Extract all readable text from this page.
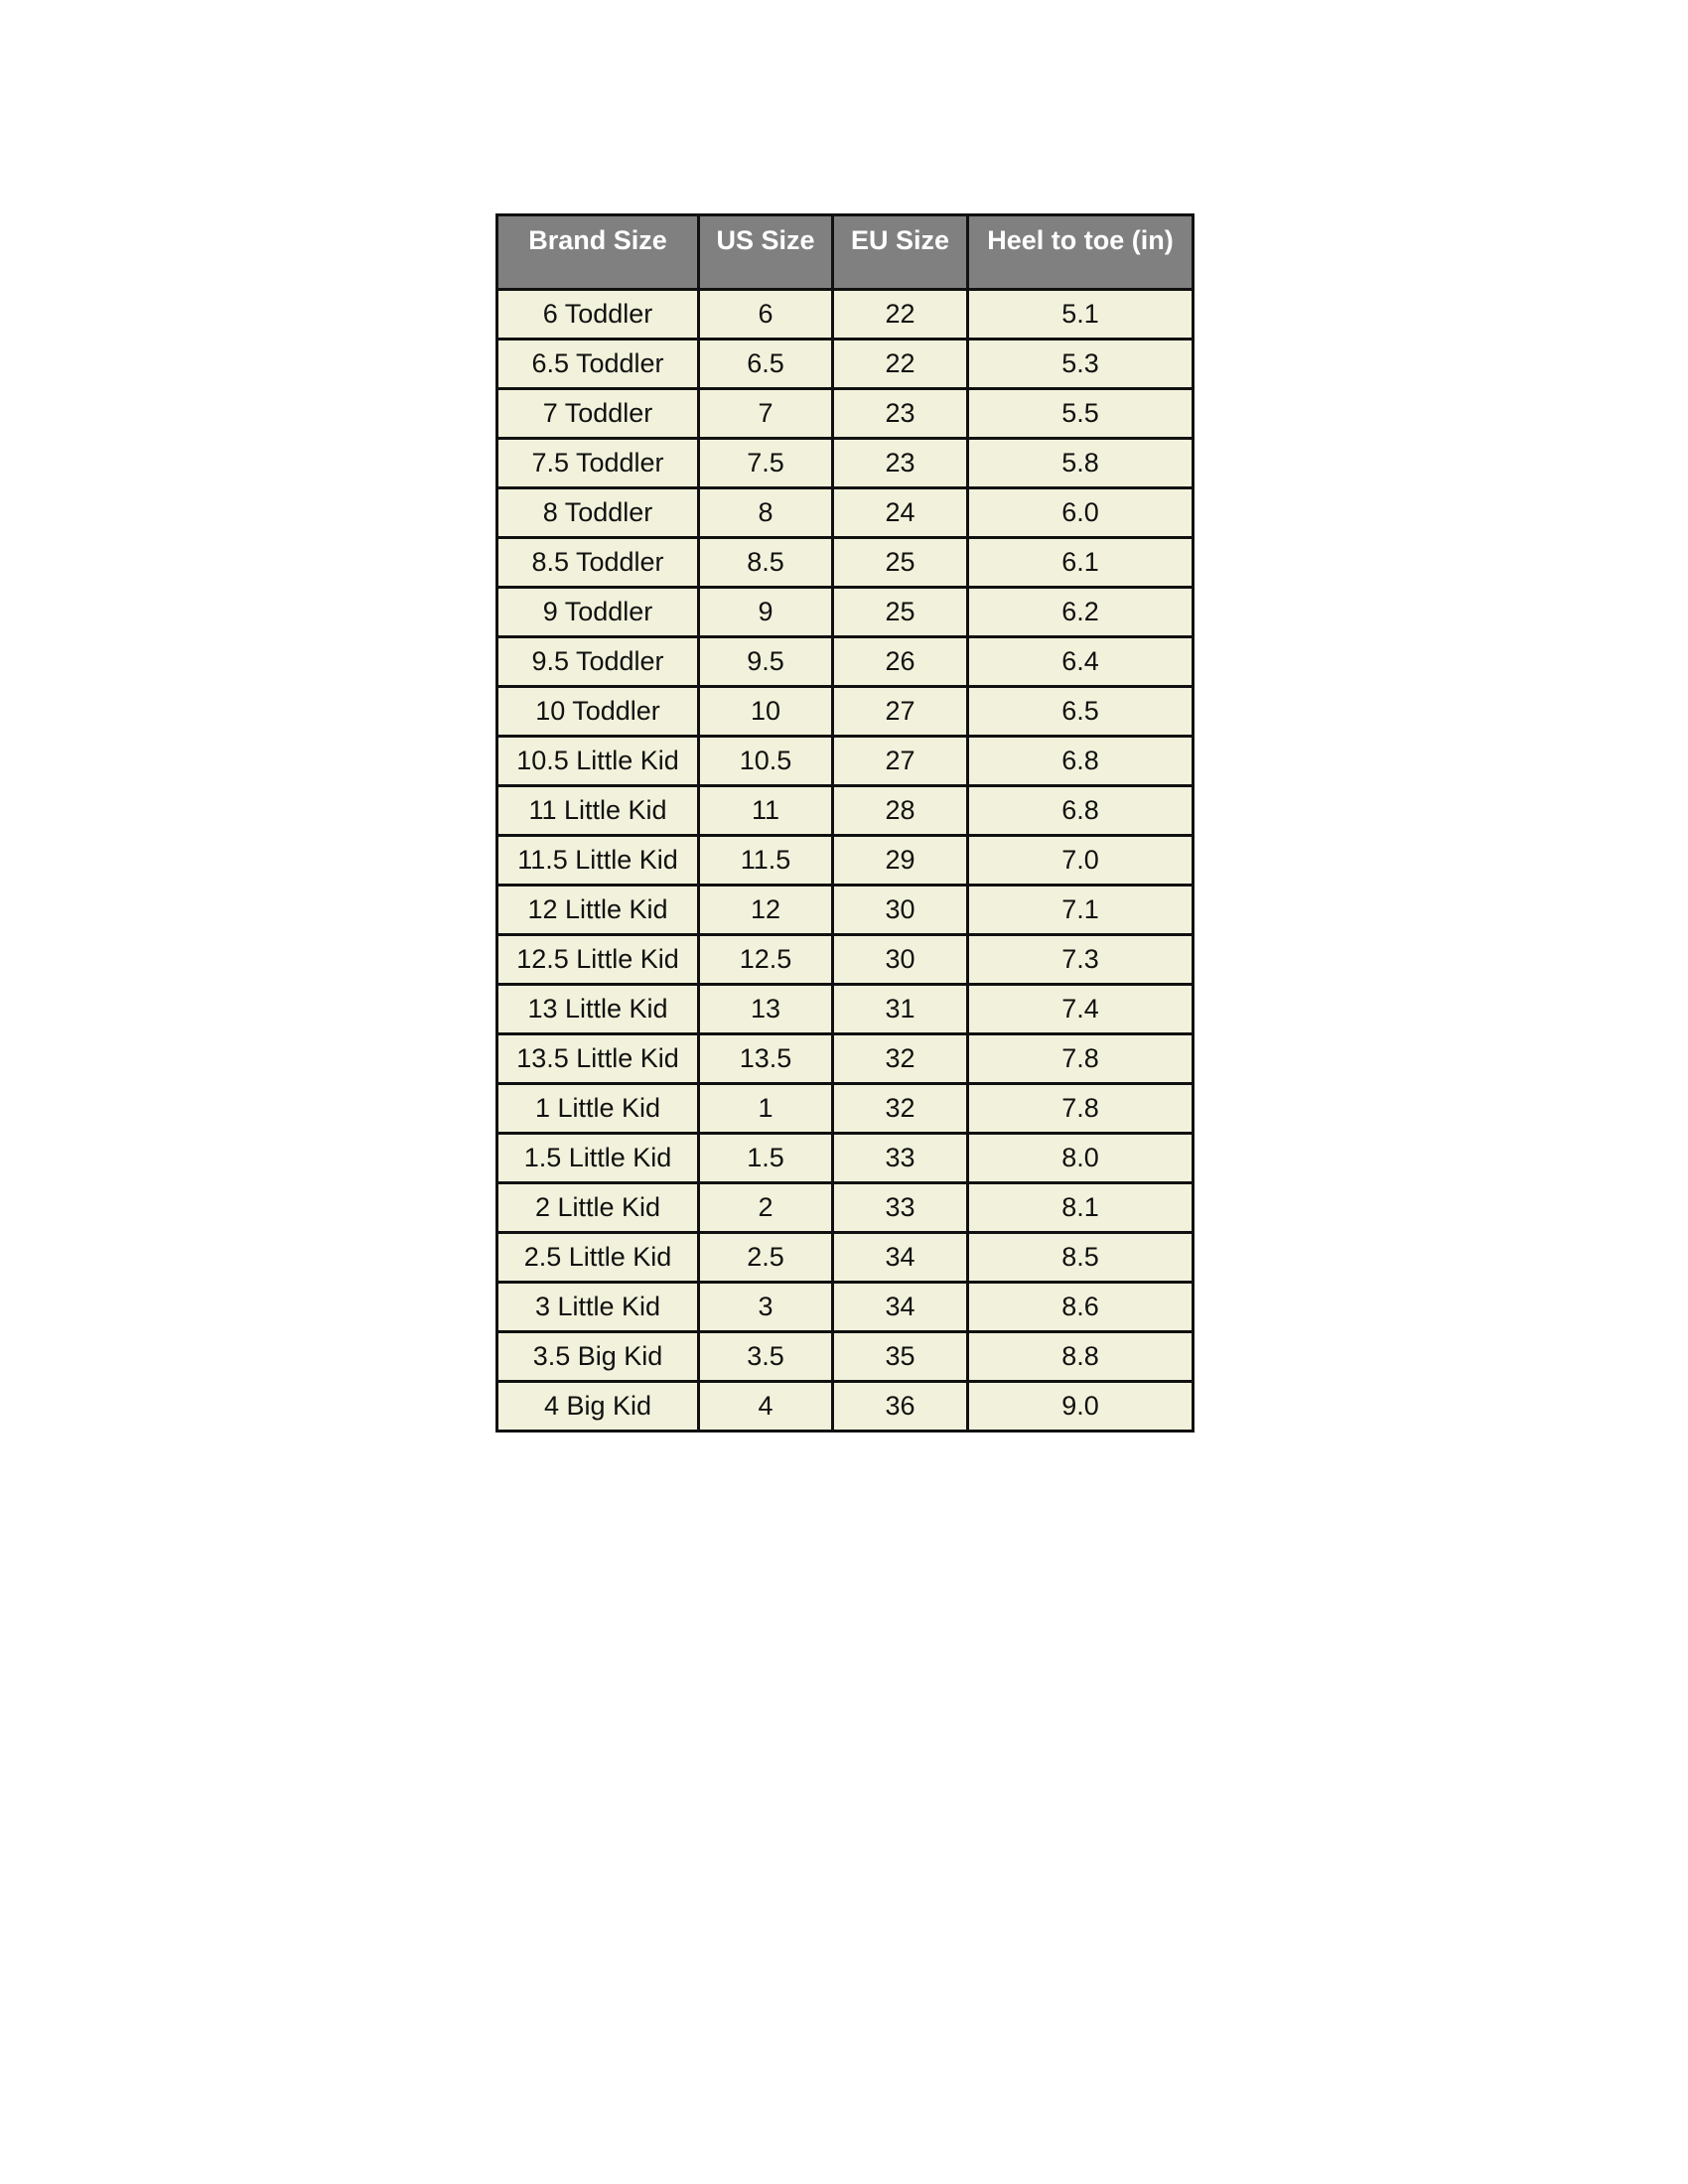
Brand Size	US Size	EU Size	Heel to toe (in)
6 Toddler	6	22	5.1
6.5 Toddler	6.5	22	5.3
7 Toddler	7	23	5.5
7.5 Toddler	7.5	23	5.8
8 Toddler	8	24	6.0
8.5 Toddler	8.5	25	6.1
9 Toddler	9	25	6.2
9.5 Toddler	9.5	26	6.4
10 Toddler	10	27	6.5
10.5 Little Kid	10.5	27	6.8
11 Little Kid	11	28	6.8
11.5 Little Kid	11.5	29	7.0
12 Little Kid	12	30	7.1
12.5 Little Kid	12.5	30	7.3
13 Little Kid	13	31	7.4
13.5 Little Kid	13.5	32	7.8
1 Little Kid	1	32	7.8
1.5 Little Kid	1.5	33	8.0
2 Little Kid	2	33	8.1
2.5 Little Kid	2.5	34	8.5
3 Little Kid	3	34	8.6
3.5 Big Kid	3.5	35	8.8
4 Big Kid	4	36	9.0
